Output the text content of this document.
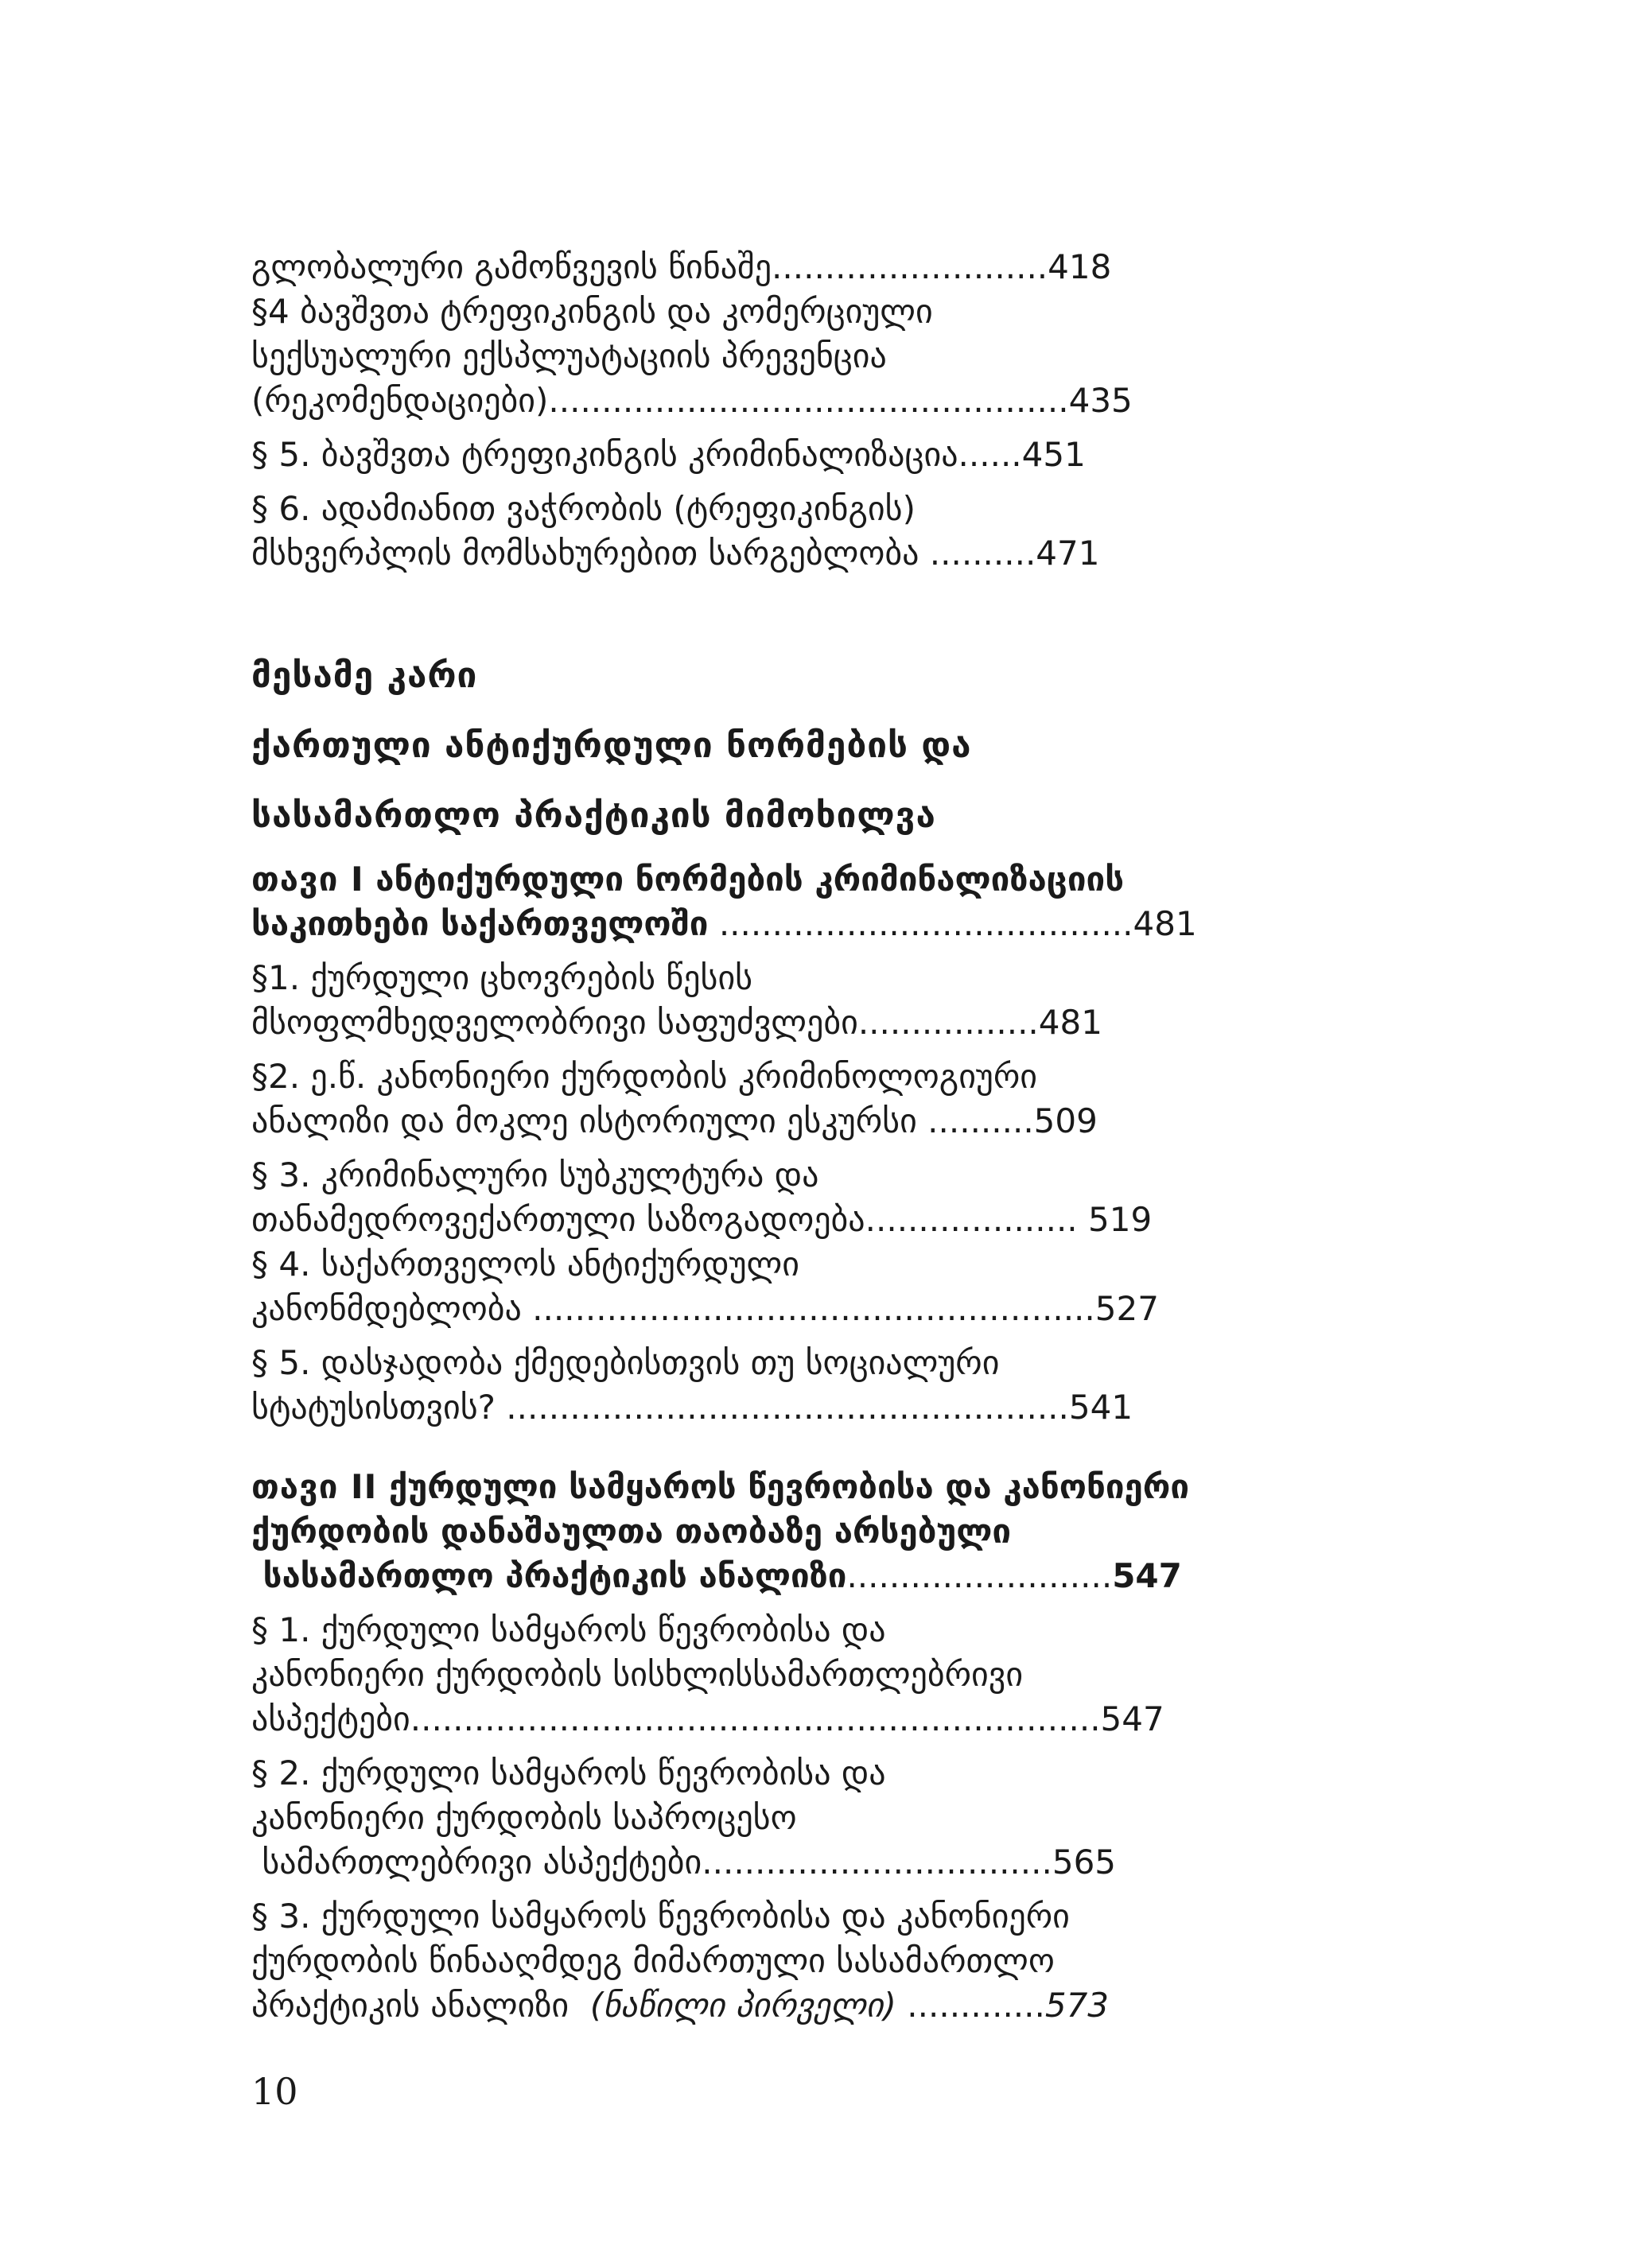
გლობალური გამოწვევის წინაშე..........................418
§4 ბავშვთა ტრეფიკინგის და კომერციული
სექსუალური ექსპლუატაციის პრევენცია
(რეკომენდაციები).................................................435
§ 5. ბავშვთა ტრეფიკინგის კრიმინალიზაცია......451
§ 6. ადამიანით ვაჭრობის (ტრეფიკინგის)
მსხვერპლის მომსახურებით სარგებლობა ..........471
მესამე კარი
ქართული ანტიქურდული ნორმების და
სასამართლო პრაქტიკის მიმოხილვა
თავი I ანტიქურდული ნორმების კრიმინალიზაციის
საკითხები საქართველოში .......................................481
§1. ქურდული ცხოვრების წესის
მსოფლმხედველობრივი საფუძვლები.................481
§2. ე.წ. კანონიერი ქურდობის კრიმინოლოგიური
ანალიზი და მოკლე ისტორიული ესკურსი ..........509
§ 3. კრიმინალური სუბკულტურა და
თანამედროვექართული საზოგადოება.................... 519
§ 4. საქართველოს ანტიქურდული
კანონმდებლობა .....................................................527
§ 5. დასჯადობა ქმედებისთვის თუ სოციალური
სტატუსისთვის? .....................................................541
თავი II ქურდული სამყაროს წევრობისა და კანონიერი
ქურდობის დანაშაულთა თაობაზე არსებული
სასამართლო პრაქტიკის ანალიზი.........................547
§ 1. ქურდული სამყაროს წევრობისა და
კანონიერი ქურდობის სისხლისსამართლებრივი
ასპექტები.................................................................547
§ 2. ქურდული სამყაროს წევრობისა და
კანონიერი ქურდობის საპროცესო
სამართლებრივი ასპექტები.................................565
§ 3. ქურდული სამყაროს წევრობისა და კანონიერი
ქურდობის წინააღმდეგ მიმართული სასამართლო
პრაქტიკის ანალიზი  (ნაწილი პირველი) .............573
10
